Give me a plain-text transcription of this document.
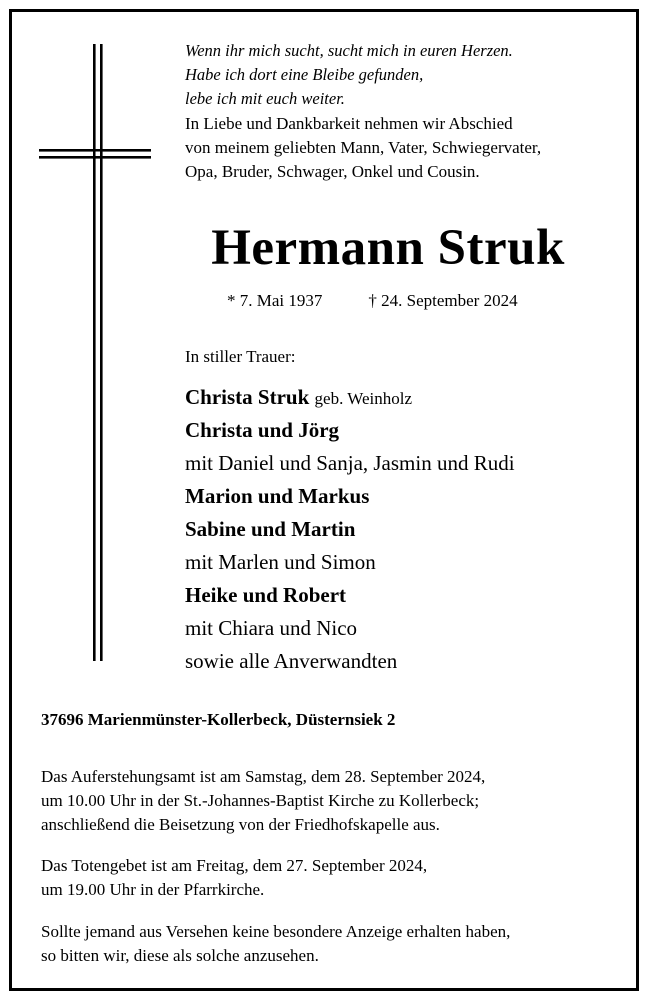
Wenn ihr mich sucht, sucht mich in euren Herzen.
Habe ich dort eine Bleibe gefunden,
lebe ich mit euch weiter.
In Liebe und Dankbarkeit nehmen wir Abschied
von meinem geliebten Mann, Vater, Schwiegervater,
Opa, Bruder, Schwager, Onkel und Cousin.
Hermann Struk
* 7. Mai 1937	† 24. September 2024
In stiller Trauer:
Christa Struk geb. Weinholz
Christa und Jörg
mit Daniel und Sanja, Jasmin und Rudi
Marion und Markus
Sabine und Martin
mit Marlen und Simon
Heike und Robert
mit Chiara und Nico
sowie alle Anverwandten
37696 Marienmünster-Kollerbeck, Düsternsiek 2
Das Auferstehungsamt ist am Samstag, dem 28. September 2024,
um 10.00 Uhr in der St.-Johannes-Baptist Kirche zu Kollerbeck;
anschließend die Beisetzung von der Friedhofskapelle aus.
Das Totengebet ist am Freitag, dem 27. September 2024,
um 19.00 Uhr in der Pfarrkirche.
Sollte jemand aus Versehen keine besondere Anzeige erhalten haben,
so bitten wir, diese als solche anzusehen.
